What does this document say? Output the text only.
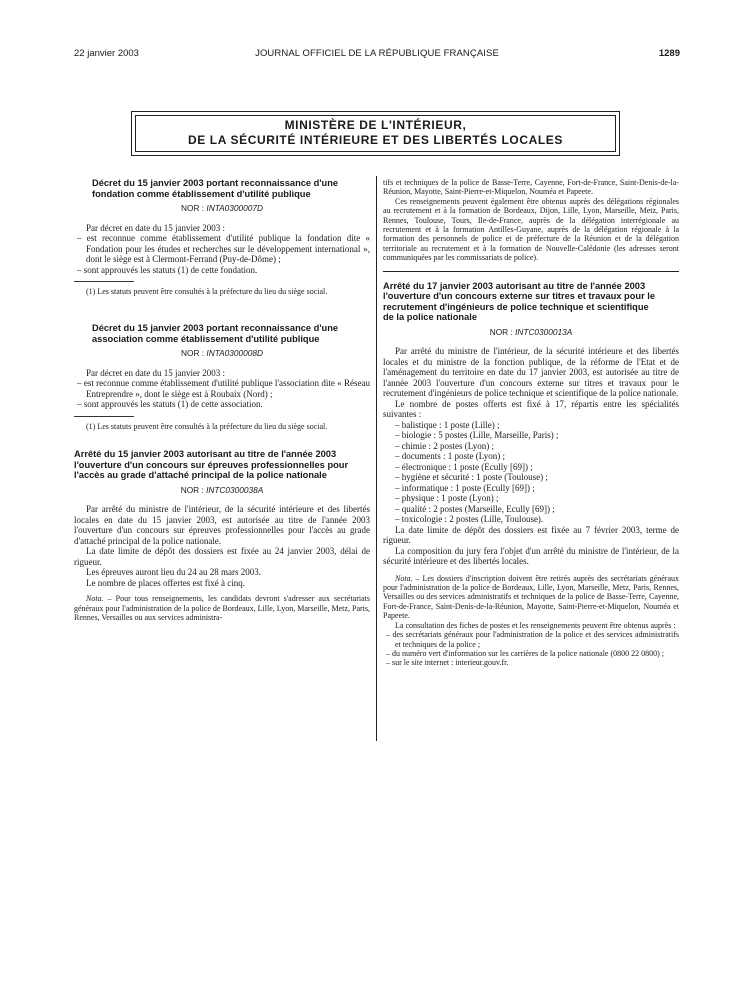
22 janvier 2003	JOURNAL OFFICIEL DE LA RÉPUBLIQUE FRANÇAISE	1289
MINISTÈRE DE L'INTÉRIEUR,
DE LA SÉCURITÉ INTÉRIEURE ET DES LIBERTÉS LOCALES
Décret du 15 janvier 2003 portant reconnaissance d'une fondation comme établissement d'utilité publique
NOR : INTA0300007D

Par décret en date du 15 janvier 2003 :

– est reconnue comme établissement d'utilité publique la fondation dite « Fondation pour les études et recherches sur le développement international », dont le siège est à Clermont-Ferrand (Puy-de-Dôme) ;

– sont approuvés les statuts (1) de cette fondation.

(1) Les statuts peuvent être consultés à la préfecture du lieu du siège social.

Décret du 15 janvier 2003 portant reconnaissance d'une association comme établissement d'utilité publique
NOR : INTA0300008D

Par décret en date du 15 janvier 2003 :

– est reconnue comme établissement d'utilité publique l'association dite « Réseau Entreprendre », dont le siège est à Roubaix (Nord) ;

– sont approuvés les statuts (1) de cette association.

(1) Les statuts peuvent être consultés à la préfecture du lieu du siège social.

Arrêté du 15 janvier 2003 autorisant au titre de l'année 2003 l'ouverture d'un concours sur épreuves professionnelles pour l'accès au grade d'attaché principal de la police nationale
NOR : INTC0300038A

Par arrêté du ministre de l'intérieur, de la sécurité intérieure et des libertés locales en date du 15 janvier 2003, est autorisée au titre de l'année 2003 l'ouverture d'un concours sur épreuves professionnelles pour l'accès au grade d'attaché principal de la police nationale.

La date limite de dépôt des dossiers est fixée au 24 janvier 2003, délai de rigueur.

Les épreuves auront lieu du 24 au 28 mars 2003.

Le nombre de places offertes est fixé à cinq.

Nota. – Pour tous renseignements, les candidats devront s'adresser aux secrétariats généraux pour l'administration de la police de Bordeaux, Lille, Lyon, Marseille, Metz, Paris, Rennes, Versailles ou aux services administra-

tifs et techniques de la police de Basse-Terre, Cayenne, Fort-de-France, Saint-Denis-de-la-Réunion, Mayotte, Saint-Pierre-et-Miquelon, Nouméa et Papeete.

Ces renseignements peuvent également être obtenus auprès des délégations régionales au recrutement et à la formation de Bordeaux, Dijon, Lille, Lyon, Marseille, Metz, Paris, Rennes, Toulouse, Tours, Ile-de-France, auprès de la délégation interrégionale au recrutement et à la formation Antilles-Guyane, auprès de la délégation régionale à la formation des personnels de police et de préfecture de la Réunion et de la délégation territoriale au recrutement et à la formation de Nouvelle-Calédonie (les adresses seront communiquées par les commissariats de police).

Arrêté du 17 janvier 2003 autorisant au titre de l'année 2003 l'ouverture d'un concours externe sur titres et travaux pour le recrutement d'ingénieurs de police technique et scientifique de la police nationale
NOR : INTC0300013A

Par arrêté du ministre de l'intérieur, de la sécurité intérieure et des libertés locales et du ministre de la fonction publique, de la réforme de l'Etat et de l'aménagement du territoire en date du 17 janvier 2003, est autorisée au titre de l'année 2003 l'ouverture d'un concours externe sur titres et travaux pour le recrutement d'ingénieurs de police technique et scientifique de la police nationale.

Le nombre de postes offerts est fixé à 17, répartis entre les spécialités suivantes :

– balistique : 1 poste (Lille) ;
– biologie : 5 postes (Lille, Marseille, Paris) ;
– chimie : 2 postes (Lyon) ;
– documents : 1 poste (Lyon) ;
– électronique : 1 poste (Ecully [69]) ;
– hygiène et sécurité : 1 poste (Toulouse) ;
– informatique : 1 poste (Ecully [69]) ;
– physique : 1 poste (Lyon) ;
– qualité : 2 postes (Marseille, Ecully [69]) ;
– toxicologie : 2 postes (Lille, Toulouse).

La date limite de dépôt des dossiers est fixée au 7 février 2003, terme de rigueur.

La composition du jury fera l'objet d'un arrêté du ministre de l'intérieur, de la sécurité intérieure et des libertés locales.

Nota. – Les dossiers d'inscription doivent être retirés auprès des secrétariats généraux pour l'administration de la police de Bordeaux, Lille, Lyon, Marseille, Metz, Paris, Rennes, Versailles ou des services administratifs et techniques de la police de Basse-Terre, Cayenne, Fort-de-France, Saint-Denis-de-la-Réunion, Mayotte, Saint-Pierre-et-Miquelon, Nouméa et Papeete.

La consultation des fiches de postes et les renseignements peuvent être obtenus auprès :

– des secrétariats généraux pour l'administration de la police et des services administratifs et techniques de la police ;

– du numéro vert d'information sur les carrières de la police nationale (0800 22 0800) ;

– sur le site internet : interieur.gouv.fr.
